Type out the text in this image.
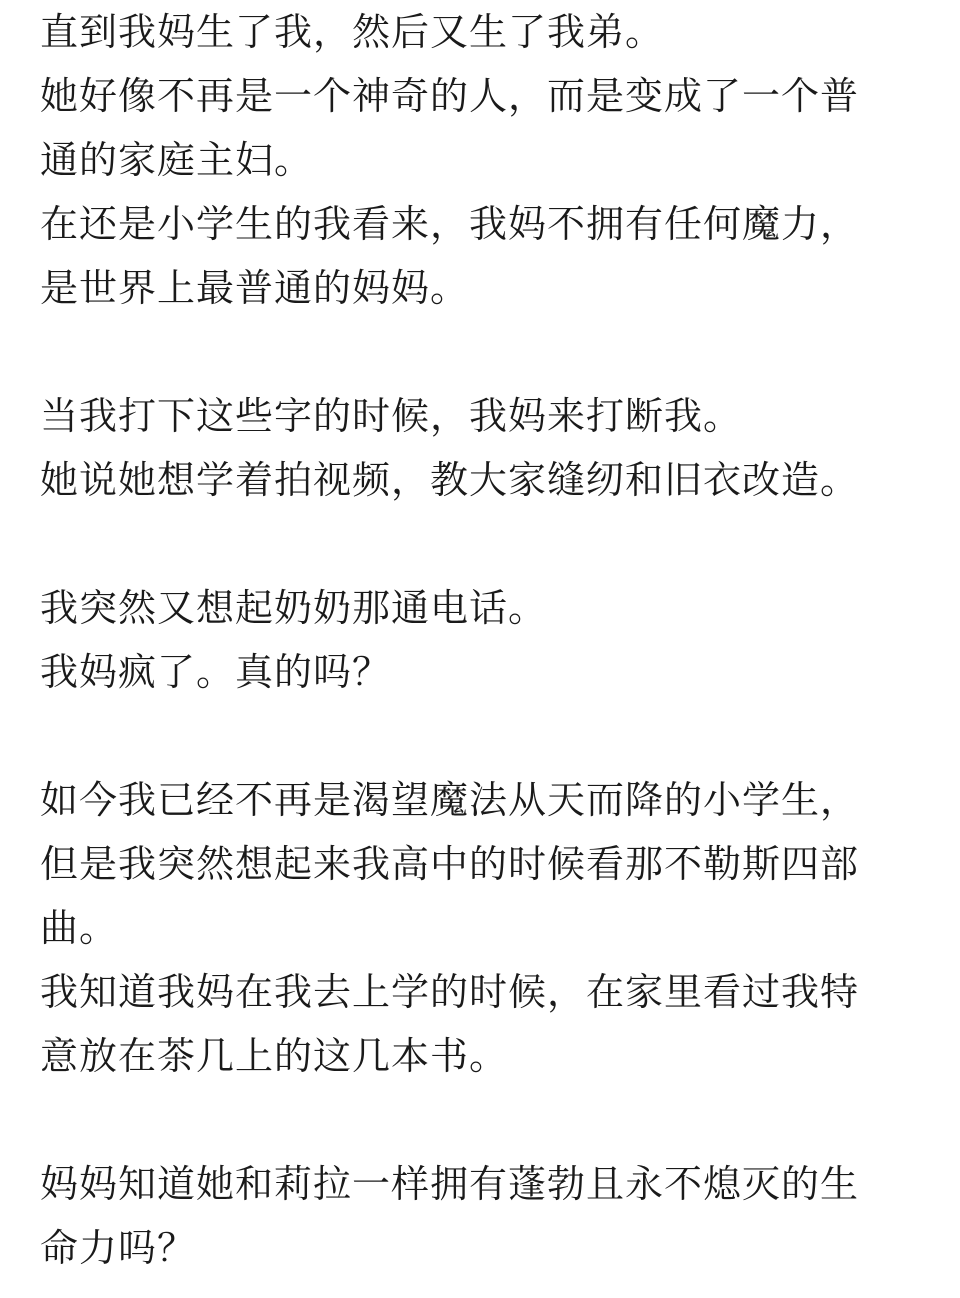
直到我妈生了我，然后又生了我弟。
她好像不再是一个神奇的人，而是变成了一个普
通的家庭主妇。
在还是小学生的我看来，我妈不拥有任何魔力，
是世界上最普通的妈妈。
当我打下这些字的时候，我妈来打断我。
她说她想学着拍视频，教大家缝纫和旧衣改造。
我突然又想起奶奶那通电话。
我妈疯了。真的吗？
如今我已经不再是渴望魔法从天而降的小学生，
但是我突然想起来我高中的时候看那不勒斯四部
曲。
我知道我妈在我去上学的时候，在家里看过我特
意放在茶几上的这几本书。
妈妈知道她和莉拉一样拥有蓬勃且永不熄灭的生
命力吗？
